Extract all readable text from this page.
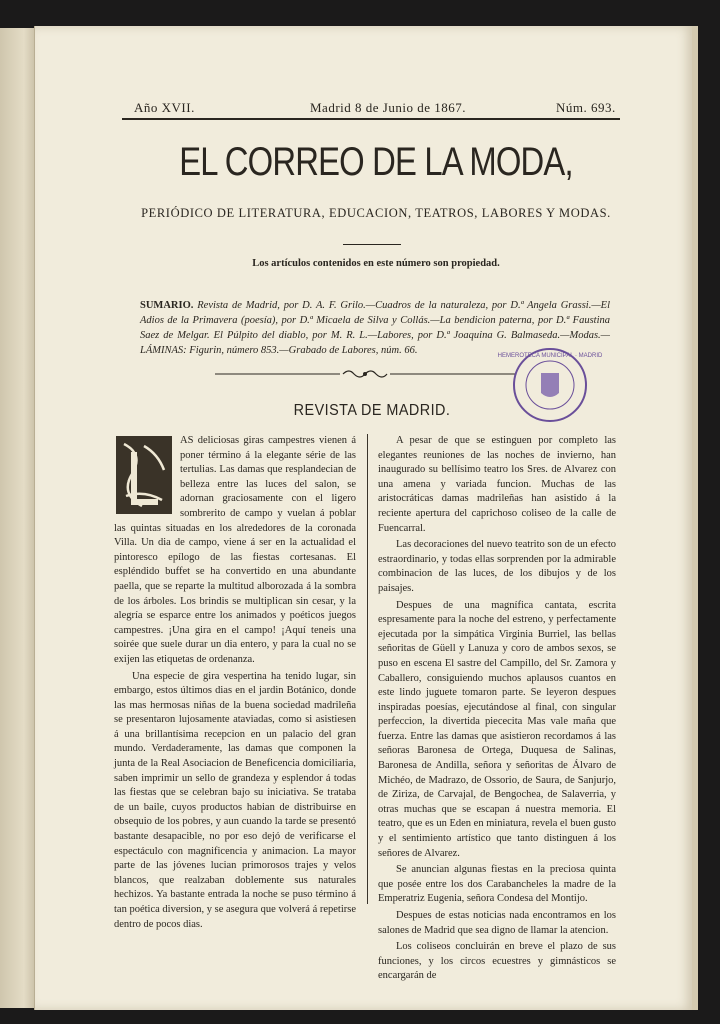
Año XVII.	Madrid 8 de Junio de 1867.	Núm. 693.
EL CORREO DE LA MODA,
PERIÓDICO DE LITERATURA, EDUCACION, TEATROS, LABORES Y MODAS.
Los artículos contenidos en este número son propiedad.
SUMARIO. Revista de Madrid, por D. A. F. Grilo.—Cuadros de la naturaleza, por D.ª Angela Grassi.—El Adios de la Primavera (poesía), por D.ª Micaela de Silva y Collás.—La bendicion paterna, por D.ª Faustina Saez de Melgar. El Púlpito del diablo, por M. R. L.—Labores, por D.ª Joaquina G. Balmaseda.—Modas.—LÁMINAS: Figurin, número 853.—Grabado de Labores, núm. 66.	HEMEROTECA MUNICIPAL · MADRID
REVISTA DE MADRID.

AS deliciosas giras campestres vienen á poner término á la elegante série de las tertulias. Las damas que resplandecian de belleza entre las luces del salon, se adornan graciosamente con el ligero sombrerito de campo y vuelan á poblar las quintas situadas en los alrededores de la coronada Villa. Un dia de campo, viene á ser en la actualidad el pintoresco epílogo de las fiestas cortesanas. El espléndido buffet se ha convertido en una abundante paella, que se reparte la multitud alborozada á la sombra de los árboles. Los brindis se multiplican sin cesar, y la alegría se esparce entre los animados y poéticos juegos campestres. ¡Una gira en el campo! ¡Aquí teneis una soirée que suele durar un dia entero, y para la cual no se exijen las etiquetas de ordenanza.

Una especie de gira vespertina ha tenido lugar, sin embargo, estos últimos dias en el jardin Botánico, donde las mas hermosas niñas de la buena sociedad madrileña se presentaron lujosamente ataviadas, como si asistiesen á una brillantísima recepcion en un palacio del gran mundo. Verdaderamente, las damas que componen la junta de la Real Asociacion de Beneficencia domiciliaria, saben imprimir un sello de grandeza y esplendor á todas las fiestas que se celebran bajo su iniciativa. Se trataba de un baile, cuyos productos habian de distribuirse en obsequio de los pobres, y aun cuando la tarde se presentó bastante desapacible, no por eso dejó de verificarse el espectáculo con magnificencia y animacion. La mayor parte de las jóvenes lucian primorosos trajes y velos blancos, que realzaban doblemente sus naturales hechizos. Ya bastante entrada la noche se puso término á tan poética diversion, y se asegura que volverá á repetirse dentro de pocos dias.

A pesar de que se estinguen por completo las elegantes reuniones de las noches de invierno, han inaugurado su bellísimo teatro los Sres. de Alvarez con una amena y variada funcion. Muchas de las aristocráticas damas madrileñas han asistido á la reciente apertura del caprichoso coliseo de la calle de Fuencarral.

Las decoraciones del nuevo teatrito son de un efecto estraordinario, y todas ellas sorprenden por la admirable combinacion de las luces, de los dibujos y de los paisajes.

Despues de una magnífica cantata, escrita espresamente para la noche del estreno, y perfectamente ejecutada por la simpática Virginia Burriel, las bellas señoritas de Güell y Lanuza y coro de ambos sexos, se puso en escena El sastre del Campillo, del Sr. Zamora y Caballero, consiguiendo muchos aplausos cuantos en este lindo juguete tomaron parte. Se leyeron despues inspiradas poesías, ejecutándose al final, con singular perfeccion, la divertida piececita Mas vale maña que fuerza. Entre las damas que asistieron recordamos á las señoras Baronesa de Ortega, Duquesa de Salinas, Baronesa de Andilla, señora y señoritas de Álvaro de Michéo, de Madrazo, de Ossorio, de Saura, de Sanjurjo, de Ziriza, de Carvajal, de Bengochea, de Salaverria, y otras muchas que se escapan á nuestra memoria. El teatro, que es un Eden en miniatura, revela el buen gusto y el sentimiento artístico que tanto distinguen á los señores de Alvarez.

Se anuncian algunas fiestas en la preciosa quinta que posée entre los dos Carabancheles la madre de la Emperatriz Eugenia, señora Condesa del Montijo.

Despues de estas noticias nada encontramos en los salones de Madrid que sea digno de llamar la atencion.

Los coliseos concluirán en breve el plazo de sus funciones, y los circos ecuestres y gimnásticos se encargarán de
